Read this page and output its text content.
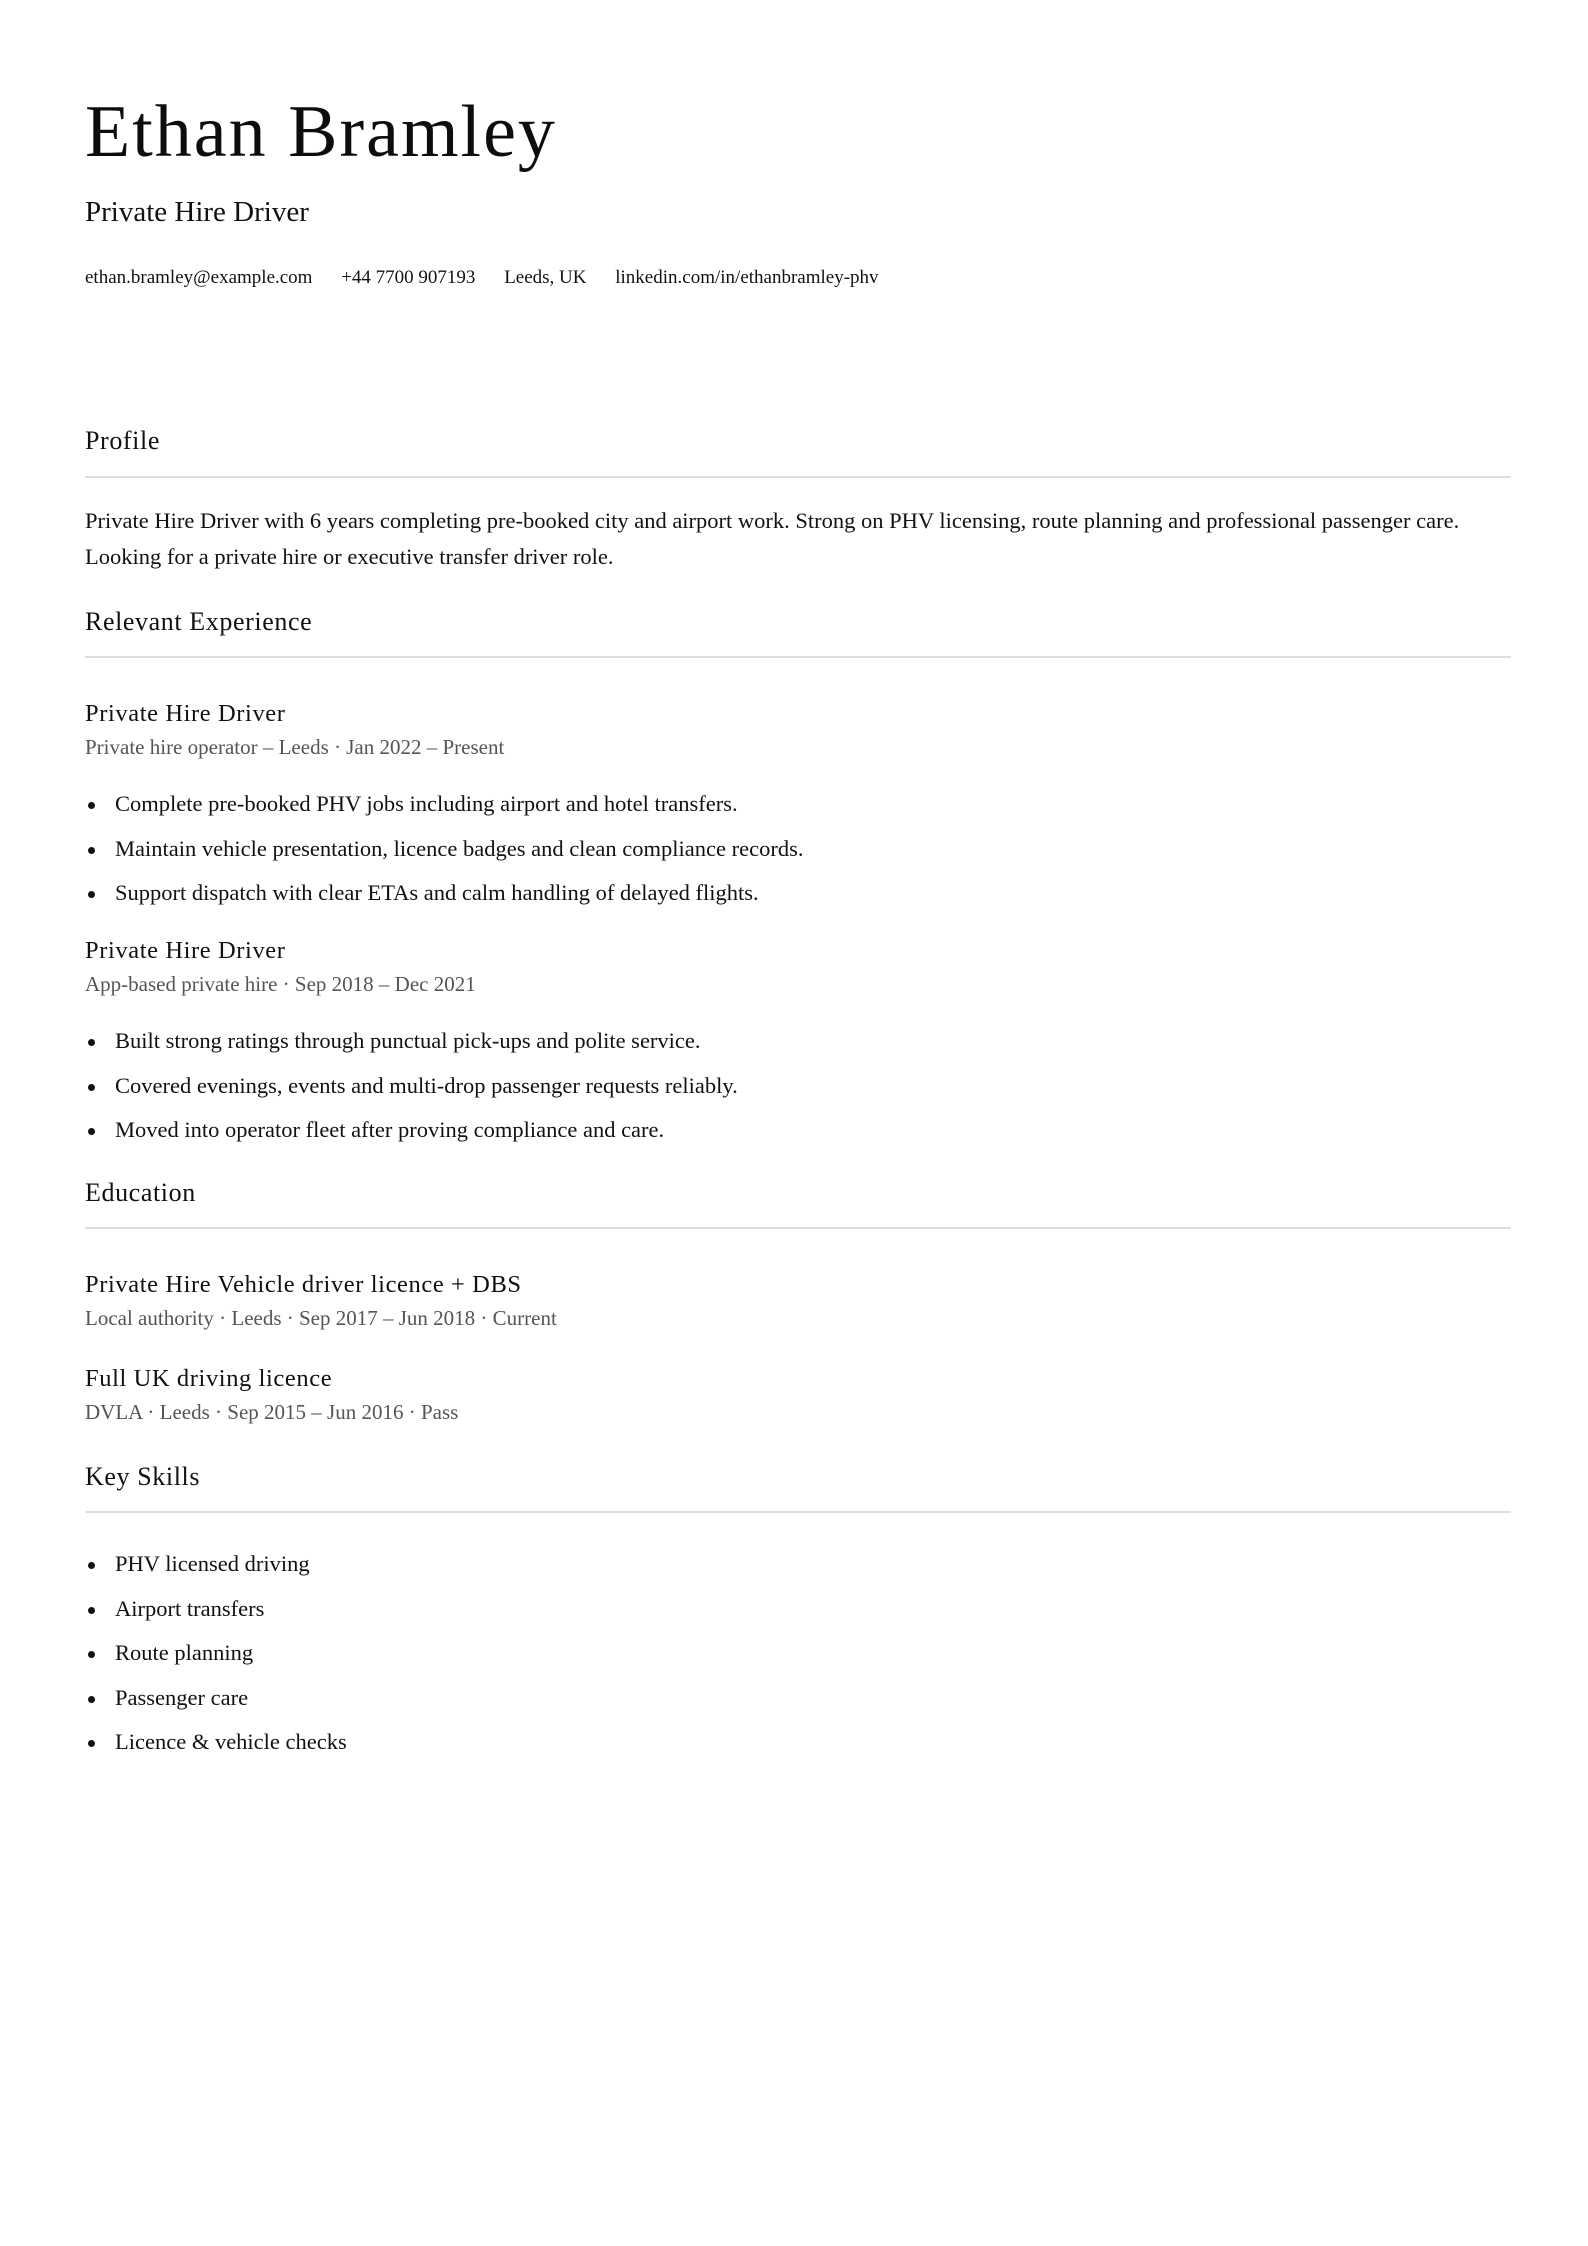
Ethan Bramley

Private Hire Driver

ethan.bramley@example.com +44 7700 907193 Leeds, UK linkedin.com/in/ethanbramley-phv

Profile

Private Hire Driver with 6 years completing pre-booked city and airport work. Strong on PHV licensing, route planning and professional passenger care. Looking for a private hire or executive transfer driver role.

Relevant Experience
Private Hire Driver

Private hire operator – Leeds · Jan 2022 – Present

Complete pre-booked PHV jobs including airport and hotel transfers.
Maintain vehicle presentation, licence badges and clean compliance records.
Support dispatch with clear ETAs and calm handling of delayed flights.
Private Hire Driver

App-based private hire · Sep 2018 – Dec 2021

Built strong ratings through punctual pick-ups and polite service.
Covered evenings, events and multi-drop passenger requests reliably.
Moved into operator fleet after proving compliance and care.
Education
Private Hire Vehicle driver licence + DBS

Local authority · Leeds · Sep 2017 – Jun 2018 · Current

Full UK driving licence

DVLA · Leeds · Sep 2015 – Jun 2016 · Pass

Key Skills
PHV licensed driving
Airport transfers
Route planning
Passenger care
Licence & vehicle checks
